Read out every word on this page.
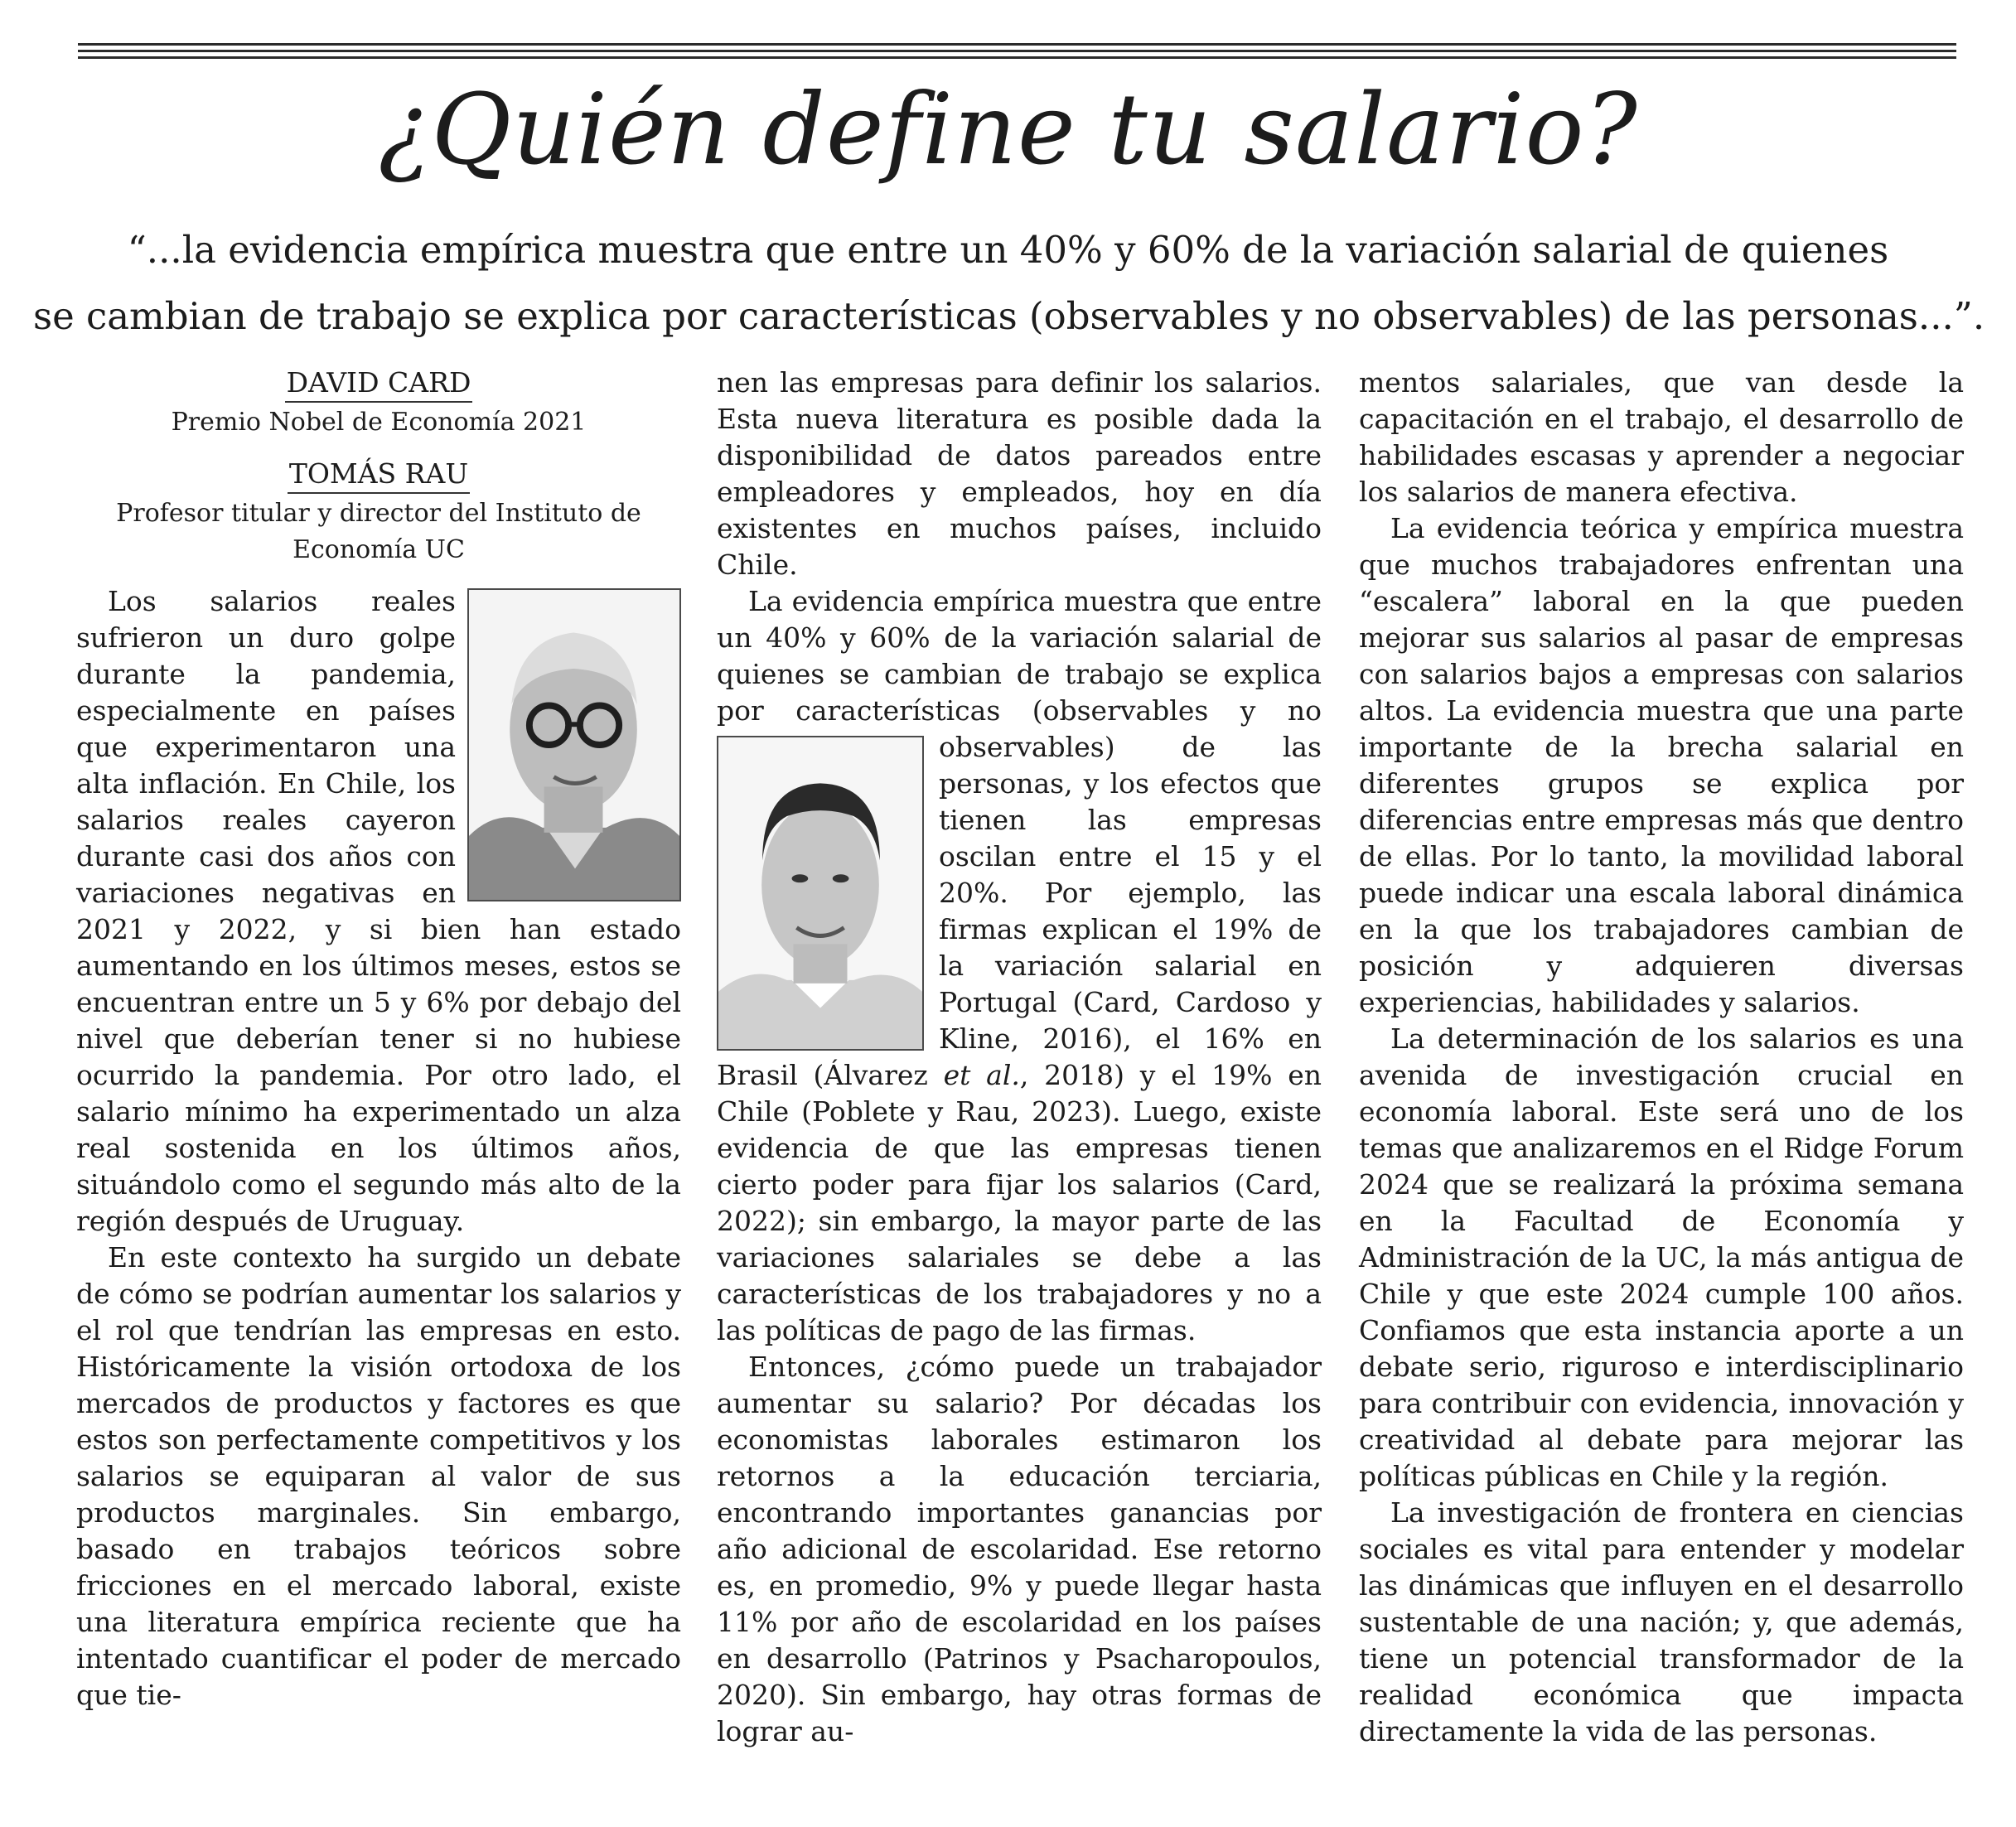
¿Quién define tu salario?
“...la evidencia empírica muestra que entre un 40% y 60% de la variación salarial de quienes
se cambian de trabajo se explica por características (observables y no observables) de las personas...”.
DAVID CARD
Premio Nobel de Economía 2021
TOMÁS RAU
Profesor titular y director del Instituto de Economía UC

Los salarios reales sufrieron un duro golpe durante la pandemia, especialmente en países que experimentaron una alta inflación. En Chile, los salarios reales cayeron durante casi dos años con variaciones negativas en 2021 y 2022, y si bien han estado aumentando en los últimos meses, estos se encuentran entre un 5 y 6% por debajo del nivel que deberían tener si no hubiese ocurrido la pandemia. Por otro lado, el salario mínimo ha experimentado un alza real sostenida en los últimos años, situándolo como el segundo más alto de la región después de Uruguay.

En este contexto ha surgido un debate de cómo se podrían aumentar los salarios y el rol que tendrían las empresas en esto. Históricamente la visión ortodoxa de los mercados de productos y factores es que estos son perfectamente competitivos y los salarios se equiparan al valor de sus productos marginales. Sin embargo, basado en trabajos teóricos sobre fricciones en el mercado laboral, existe una literatura empírica reciente que ha intentado cuantificar el poder de mercado que tie-

nen las empresas para definir los salarios. Esta nueva literatura es posible dada la disponibilidad de datos pareados entre empleadores y empleados, hoy en día existentes en muchos países, incluido Chile.

La evidencia empírica muestra que entre un 40% y 60% de la variación salarial de quienes se cambian de trabajo se explica por características (observables y
no observables) de las personas, y los efectos que tienen las empresas oscilan entre el 15 y el 20%. Por ejemplo, las firmas explican el 19% de la variación salarial en Portugal (Card, Cardoso y Kline, 2016), el 16% en Brasil (Álvarez et al., 2018) y el 19% en Chile (Poblete y Rau, 2023). Luego, existe evidencia de que las empresas tienen cierto poder para fijar los salarios (Card, 2022); sin embargo, la mayor parte de las variaciones salariales se debe a las características de los trabajadores y no a las políticas de pago de las firmas.

Entonces, ¿cómo puede un trabajador aumentar su salario? Por décadas los economistas laborales estimaron los retornos a la educación terciaria, encontrando importantes ganancias por año adicional de escolaridad. Ese retorno es, en promedio, 9% y puede llegar hasta 11% por año de escolaridad en los países en desarrollo (Patrinos y Psacharopoulos, 2020). Sin embargo, hay otras formas de lograr au-

mentos salariales, que van desde la capacitación en el trabajo, el desarrollo de habilidades escasas y aprender a negociar los salarios de manera efectiva.

La evidencia teórica y empírica muestra que muchos trabajadores enfrentan una “escalera” laboral en la que pueden mejorar sus salarios al pasar de empresas con salarios bajos a empresas con salarios altos. La evidencia muestra que una parte importante de la brecha salarial en diferentes grupos se explica por diferencias entre empresas más que dentro de ellas. Por lo tanto, la movilidad laboral puede indicar una escala laboral dinámica en la que los trabajadores cambian de posición y adquieren diversas experiencias, habilidades y salarios.

La determinación de los salarios es una avenida de investigación crucial en economía laboral. Este será uno de los temas que analizaremos en el Ridge Forum 2024 que se realizará la próxima semana en la Facultad de Economía y Administración de la UC, la más antigua de Chile y que este 2024 cumple 100 años. Confiamos que esta instancia aporte a un debate serio, riguroso e interdisciplinario para contribuir con evidencia, innovación y creatividad al debate para mejorar las políticas públicas en Chile y la región.

La investigación de frontera en ciencias sociales es vital para entender y modelar las dinámicas que influyen en el desarrollo sustentable de una nación; y, que además, tiene un potencial transformador de la realidad económica que impacta directamente la vida de las personas.
